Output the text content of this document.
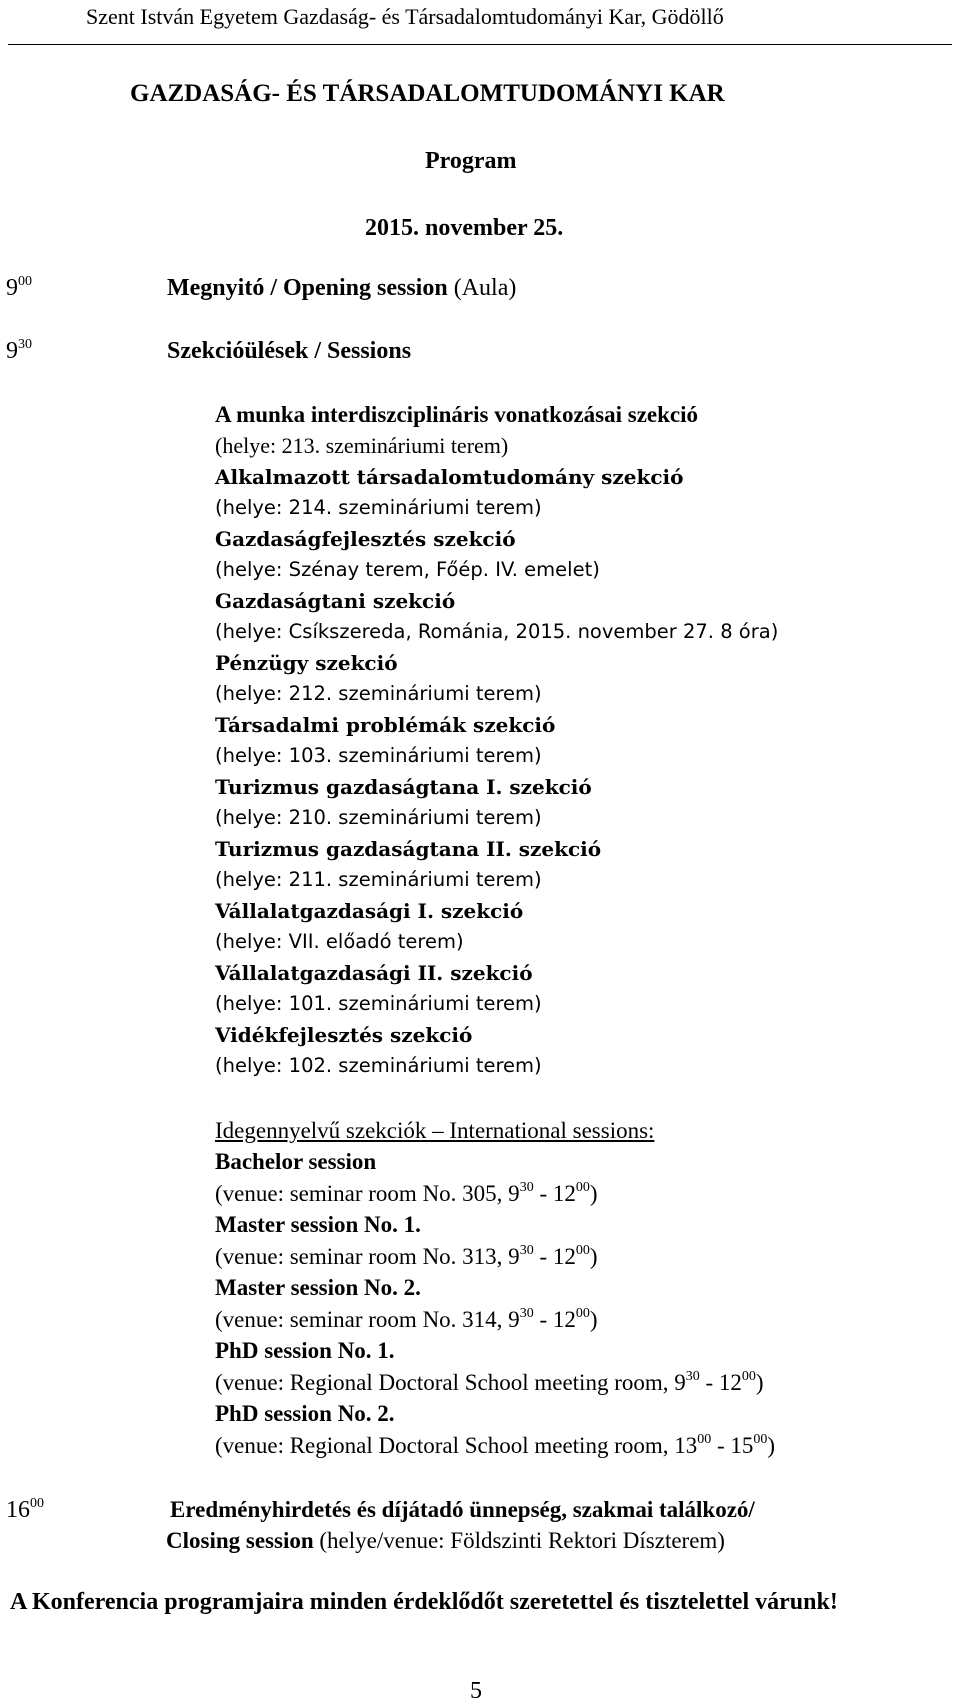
Szent István Egyetem Gazdaság- és Társadalomtudományi Kar, Gödöllő
GAZDASÁG- ÉS TÁRSADALOMTUDOMÁNYI KAR
Program
2015. november 25.
$9^{00}$	Megnyitó / Opening session (Aula)
$9^{30}$	Szekcióülések / Sessions
A munka interdiszciplináris vonatkozásai szekció
(helye: 213. szemináriumi terem)
Alkalmazott társadalomtudomány szekció
(helye: 214. szemináriumi terem)
Gazdaságfejlesztés szekció
(helye: Szénay terem, Főép. IV. emelet)
Gazdaságtani szekció
(helye: Csíkszereda, Románia, 2015. november 27. 8 óra)
Pénzügy szekció
(helye: 212. szemináriumi terem)
Társadalmi problémák szekció
(helye: 103. szemináriumi terem)
Turizmus gazdaságtana I. szekció
(helye: 210. szemináriumi terem)
Turizmus gazdaságtana II. szekció
(helye: 211. szemináriumi terem)
Vállalatgazdasági I. szekció
(helye: VII. előadó terem)
Vállalatgazdasági II. szekció
(helye: 101. szemináriumi terem)
Vidékfejlesztés szekció
(helye: 102. szemináriumi terem)
Idegennyelvű szekciók – International sessions:
Bachelor session
(venue: seminar room No. 305, $9^{30} - 12^{00}$)
Master session No. 1.
(venue: seminar room No. 313, $9^{30} - 12^{00}$)
Master session No. 2.
(venue: seminar room No. 314, $9^{30} - 12^{00}$)
PhD session No. 1.
(venue: Regional Doctoral School meeting room, $9^{30} - 12^{00}$)
PhD session No. 2.
(venue: Regional Doctoral School meeting room, $13^{00} - 15^{00}$)
$16^{00}$	Eredményhirdetés és díjátadó ünnepség, szakmai találkozó/
Closing session (helye/venue: Földszinti Rektori Díszterem)
A Konferencia programjaira minden érdeklődőt szeretettel és tisztelettel várunk!
5
